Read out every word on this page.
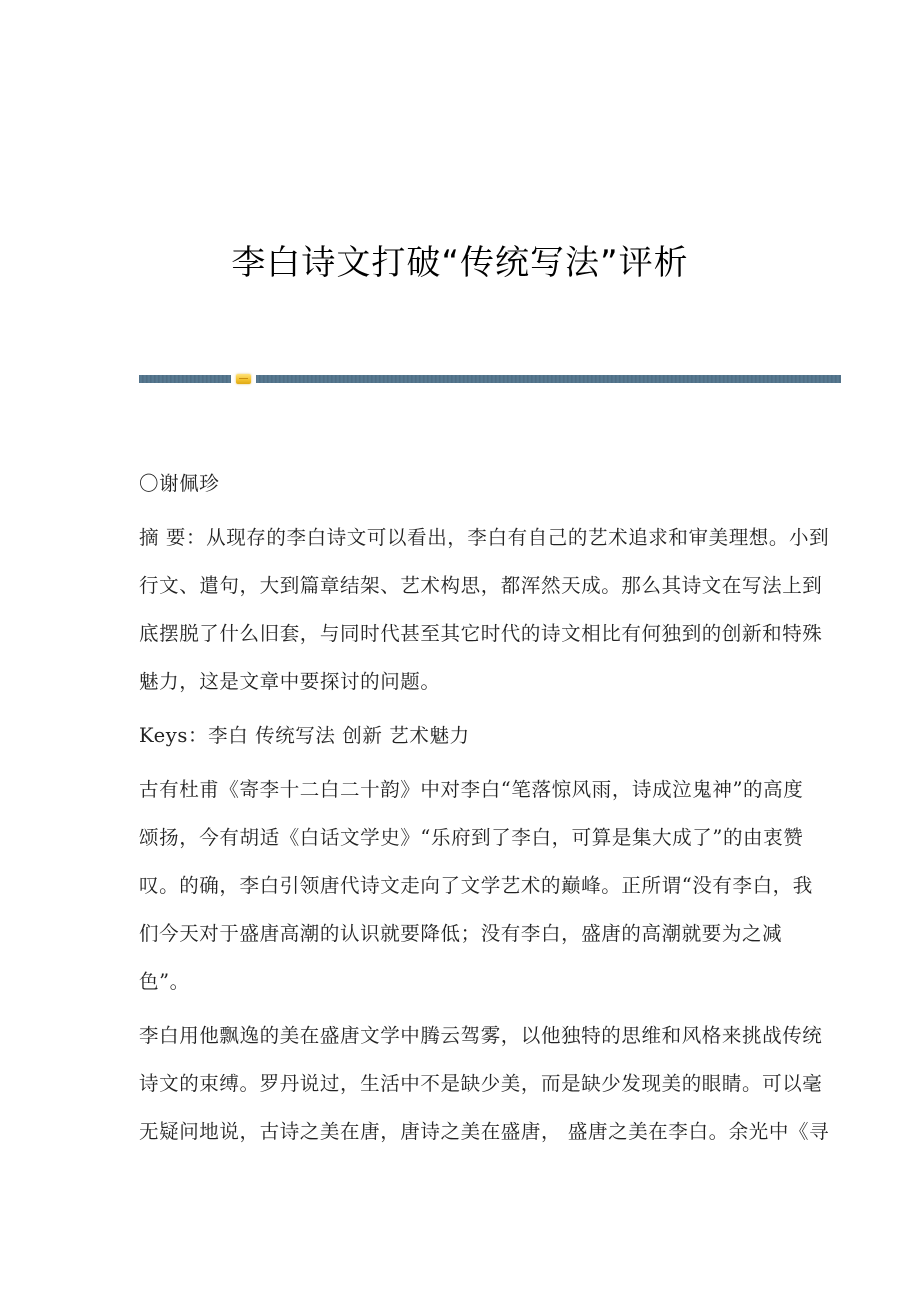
李白诗文打破“传统写法”评析
〇谢佩珍
摘 要：从现存的李白诗文可以看出，李白有自己的艺术追求和审美理想。小到
行文、遣句，大到篇章结架、艺术构思，都浑然天成。那么其诗文在写法上到
底摆脱了什么旧套，与同时代甚至其它时代的诗文相比有何独到的创新和特殊
魅力，这是文章中要探讨的问题。
Keys：李白 传统写法 创新 艺术魅力
古有杜甫《寄李十二白二十韵》中对李白“笔落惊风雨，诗成泣鬼神”的高度
颂扬，今有胡适《白话文学史》“乐府到了李白，可算是集大成了”的由衷赞
叹。的确，李白引领唐代诗文走向了文学艺术的巅峰。正所谓“没有李白，我
们今天对于盛唐高潮的认识就要降低；没有李白，盛唐的高潮就要为之减
色”。
李白用他飘逸的美在盛唐文学中腾云驾雾，以他独特的思维和风格来挑战传统
诗文的束缚。罗丹说过，生活中不是缺少美，而是缺少发现美的眼睛。可以毫
无疑问地说，古诗之美在唐，唐诗之美在盛唐， 盛唐之美在李白。余光中《寻
